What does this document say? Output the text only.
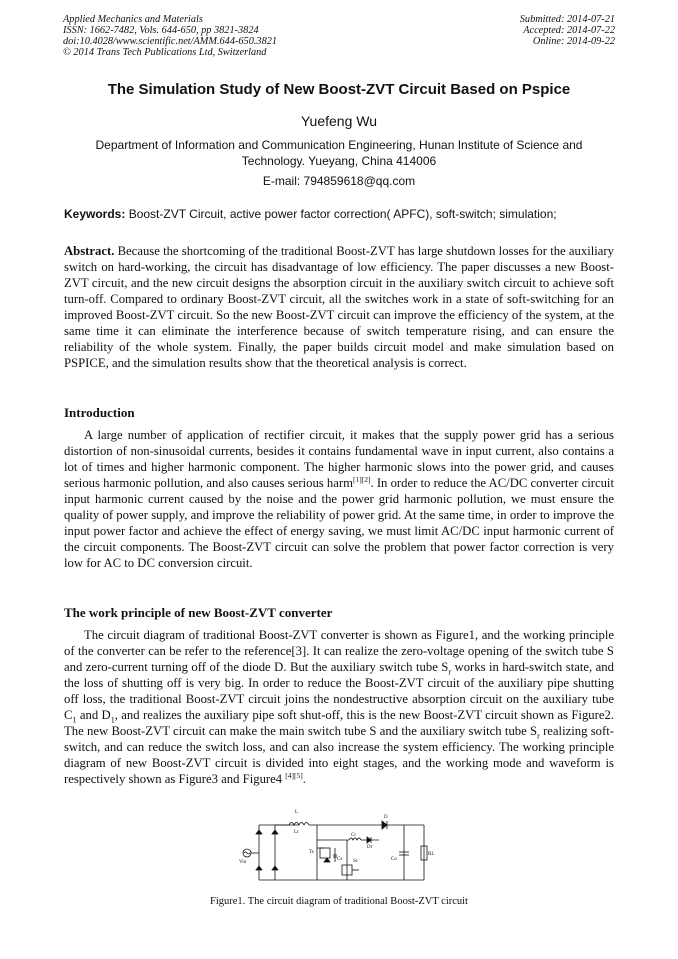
Applied Mechanics and Materials
ISSN: 1662-7482, Vols. 644-650, pp 3821-3824
doi:10.4028/www.scientific.net/AMM.644-650.3821
© 2014 Trans Tech Publications Ltd, Switzerland
Submitted: 2014-07-21
Accepted: 2014-07-22
Online: 2014-09-22
The Simulation Study of New Boost-ZVT Circuit Based on Pspice
Yuefeng Wu
Department of Information and Communication Engineering, Hunan Institute of Science and Technology. Yueyang, China 414006
E-mail: 794859618@qq.com
Keywords: Boost-ZVT Circuit, active power factor correction( APFC), soft-switch; simulation;
Abstract. Because the shortcoming of the traditional Boost-ZVT has large shutdown losses for the auxiliary switch on hard-working, the circuit has disadvantage of low efficiency. The paper discusses a new Boost-ZVT circuit, and the new circuit designs the absorption circuit in the auxiliary switch circuit to achieve soft turn-off. Compared to ordinary Boost-ZVT circuit, all the switches work in a state of soft-switching for an improved Boost-ZVT circuit. So the new Boost-ZVT circuit can improve the efficiency of the system, at the same time it can eliminate the interference because of switch temperature rising, and can ensure the reliability of the whole system. Finally, the paper builds circuit model and make simulation based on PSPICE, and the simulation results show that the theoretical analysis is correct.
Introduction
A large number of application of rectifier circuit, it makes that the supply power grid has a serious distortion of non-sinusoidal currents, besides it contains fundamental wave in input current, also contains a lot of times and higher harmonic component. The higher harmonic slows into the power grid, and causes serious harmonic pollution, and also causes serious harm[1][2]. In order to reduce the AC/DC converter circuit input harmonic current caused by the noise and the power grid harmonic pollution, we must ensure the quality of power supply, and improve the reliability of power grid. At the same time, in order to improve the input power factor and achieve the effect of energy saving, we must limit AC/DC input harmonic current of the circuit components. The Boost-ZVT circuit can solve the problem that power factor correction is very low for AC to DC conversion circuit.
The work principle of new Boost-ZVT converter
The circuit diagram of traditional Boost-ZVT converter is shown as Figure1, and the working principle of the converter can be refer to the reference[3]. It can realize the zero-voltage opening of the switch tube S and zero-current turning off of the diode D. But the auxiliary switch tube $S_r$ works in hard-switch state, and the loss of shutting off is very big. In order to reduce the Boost-ZVT circuit of the auxiliary pipe shutting off loss, the traditional Boost-ZVT circuit joins the nondestructive absorption circuit on the auxiliary tube $C_1$ and $D_1$, and realizes the auxiliary pipe soft shut-off, this is the new Boost-ZVT circuit shown as Figure2. The new Boost-ZVT circuit can make the main switch tube S and the auxiliary switch tube $S_r$ realizing soft-switch, and can reduce the switch loss, and can also increase the system efficiency. The working principle diagram of new Boost-ZVT circuit is divided into eight stages, and the working mode and waveform is respectively shown as Figure3 and Figure4 [4][5].
L
Lr
D
Dr
Vin
Cr
Sr
Ts
Cs	Co
RL
Figure1. The circuit diagram of traditional Boost-ZVT circuit
